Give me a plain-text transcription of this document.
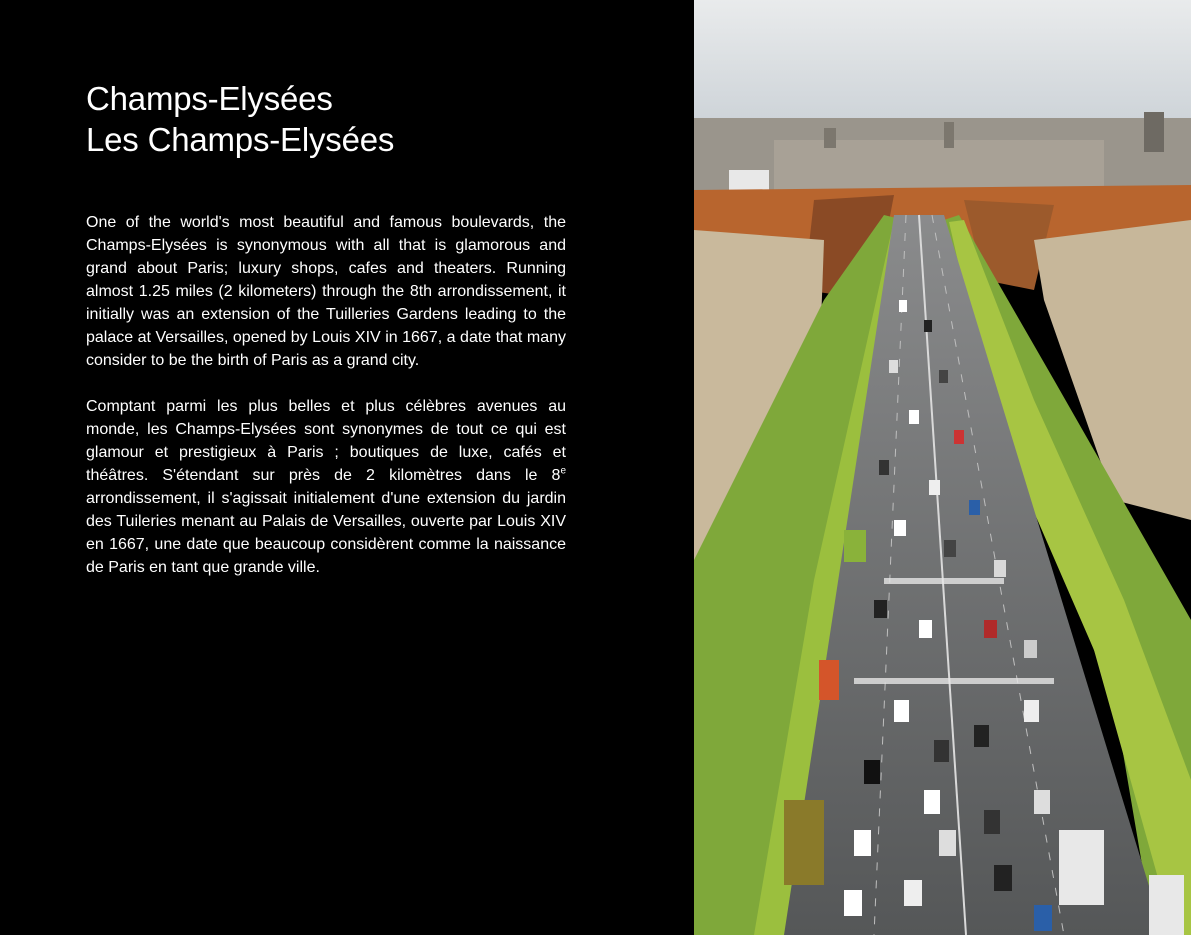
Champs-Elysées
Les Champs-Elysées

One of the world's most beautiful and famous boulevards, the Champs-Elysées is synonymous with all that is glamorous and grand about Paris; luxury shops, cafes and theaters. Running almost 1.25 miles (2 kilometers) through the 8th arrondissement, it initially was an extension of the Tuilleries Gardens leading to the palace at Versailles, opened by Louis XIV in 1667, a date that many consider to be the birth of Paris as a grand city.

Comptant parmi les plus belles et plus célèbres avenues au monde, les Champs-Elysées sont synonymes de tout ce qui est glamour et prestigieux à Paris ; boutiques de luxe, cafés et théâtres. S'étendant sur près de 2 kilomètres dans le 8e arrondissement, il s'agissait initialement d'une extension du jardin des Tuileries menant au Palais de Versailles, ouverte par Louis XIV en 1667, une date que beaucoup considèrent comme la naissance de Paris en tant que grande ville.
